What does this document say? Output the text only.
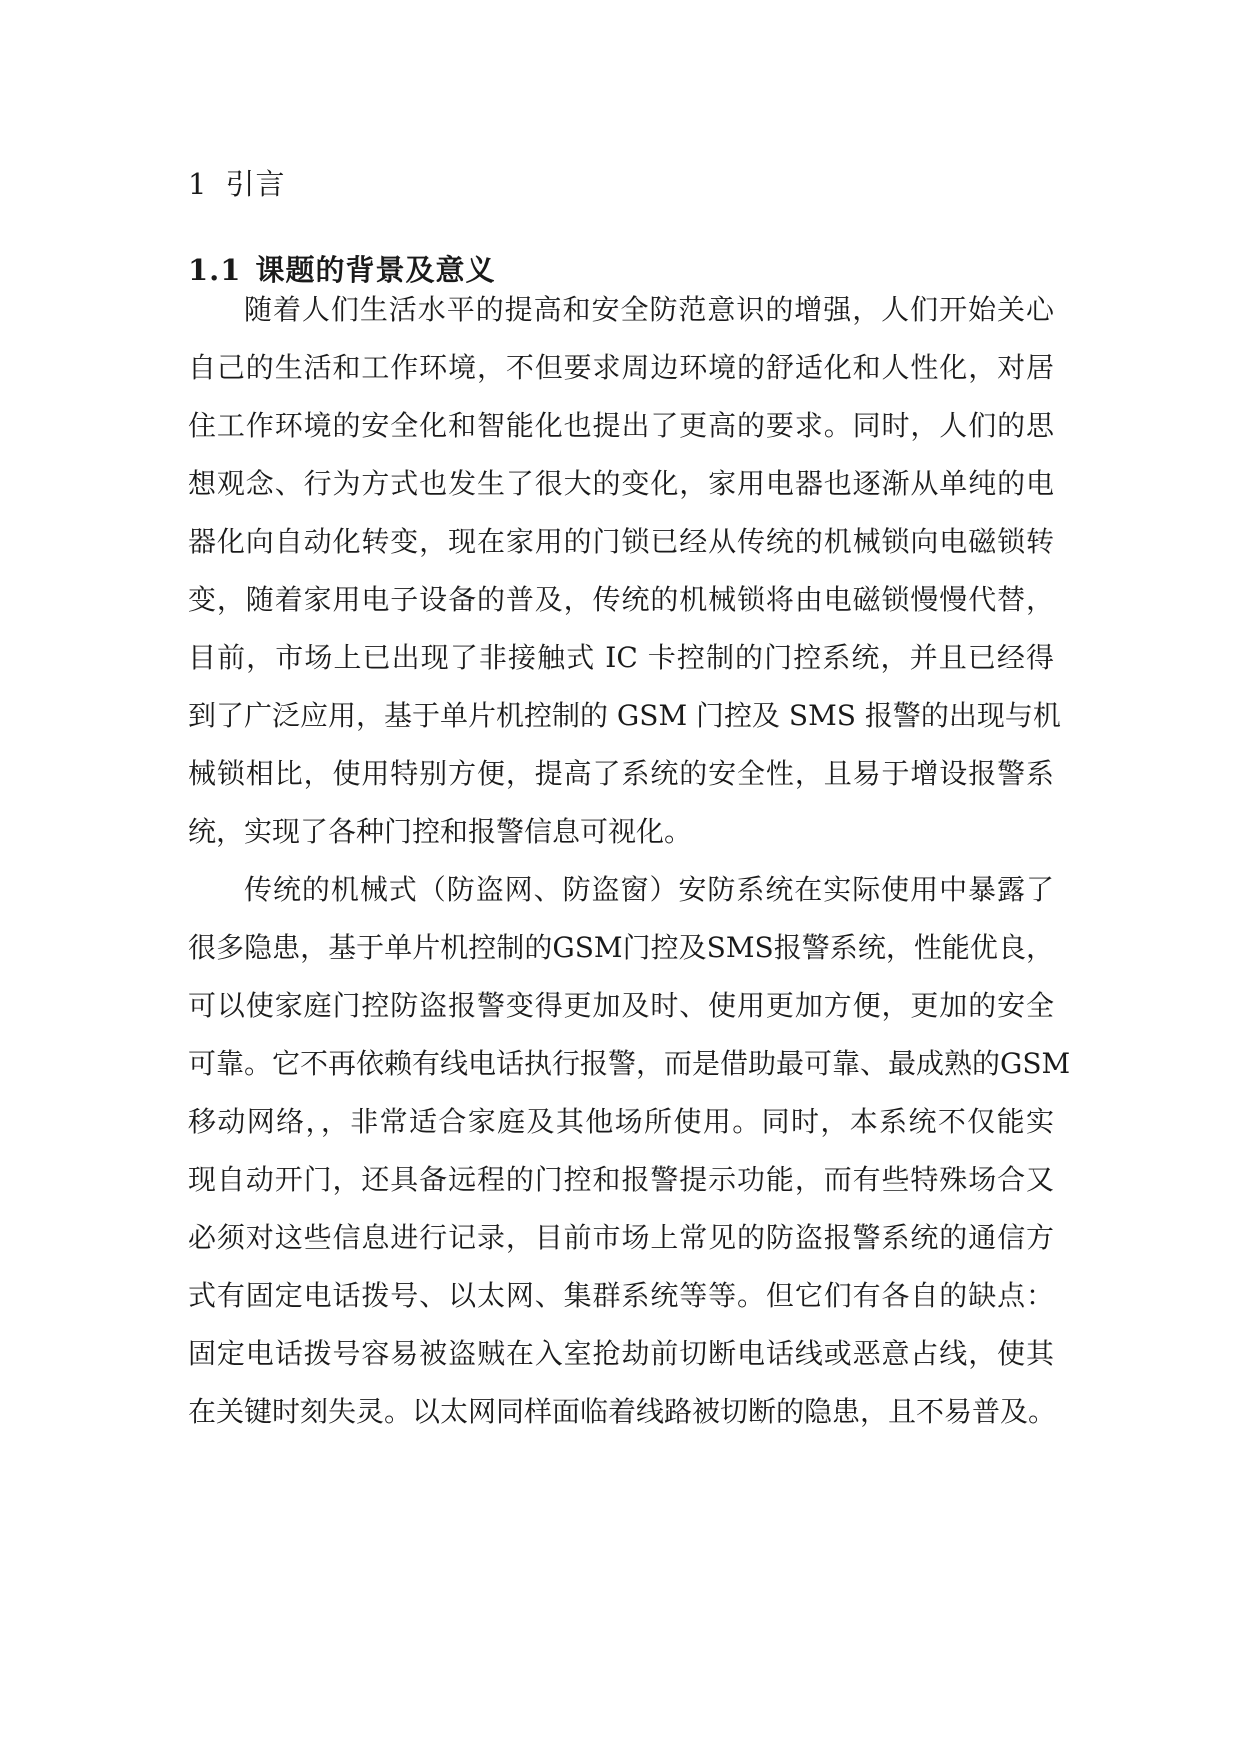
1 引言
1.1 课题的背景及意义
随着人们生活水平的提高和安全防范意识的增强，人们开始关心
自己的生活和工作环境，不但要求周边环境的舒适化和人性化，对居
住工作环境的安全化和智能化也提出了更高的要求。同时，人们的思
想观念、行为方式也发生了很大的变化，家用电器也逐渐从单纯的电
器化向自动化转变，现在家用的门锁已经从传统的机械锁向电磁锁转
变，随着家用电子设备的普及，传统的机械锁将由电磁锁慢慢代替，
目前，市场上已出现了非接触式 IC 卡控制的门控系统，并且已经得
到了广泛应用，基于单片机控制的 GSM 门控及 SMS 报警的出现与机
械锁相比，使用特别方便，提高了系统的安全性，且易于增设报警系
统，实现了各种门控和报警信息可视化。
传统的机械式（防盗网、防盗窗）安防系统在实际使用中暴露了
很多隐患，基于单片机控制的GSM门控及SMS报警系统，性能优良，
可以使家庭门控防盗报警变得更加及时、使用更加方便，更加的安全
可靠。它不再依赖有线电话执行报警，而是借助最可靠、最成熟的GSM
移动网络，，非常适合家庭及其他场所使用。同时，本系统不仅能实
现自动开门，还具备远程的门控和报警提示功能，而有些特殊场合又
必须对这些信息进行记录，目前市场上常见的防盗报警系统的通信方
式有固定电话拨号、以太网、集群系统等等。但它们有各自的缺点：
固定电话拨号容易被盗贼在入室抢劫前切断电话线或恶意占线，使其
在关键时刻失灵。以太网同样面临着线路被切断的隐患，且不易普及。
